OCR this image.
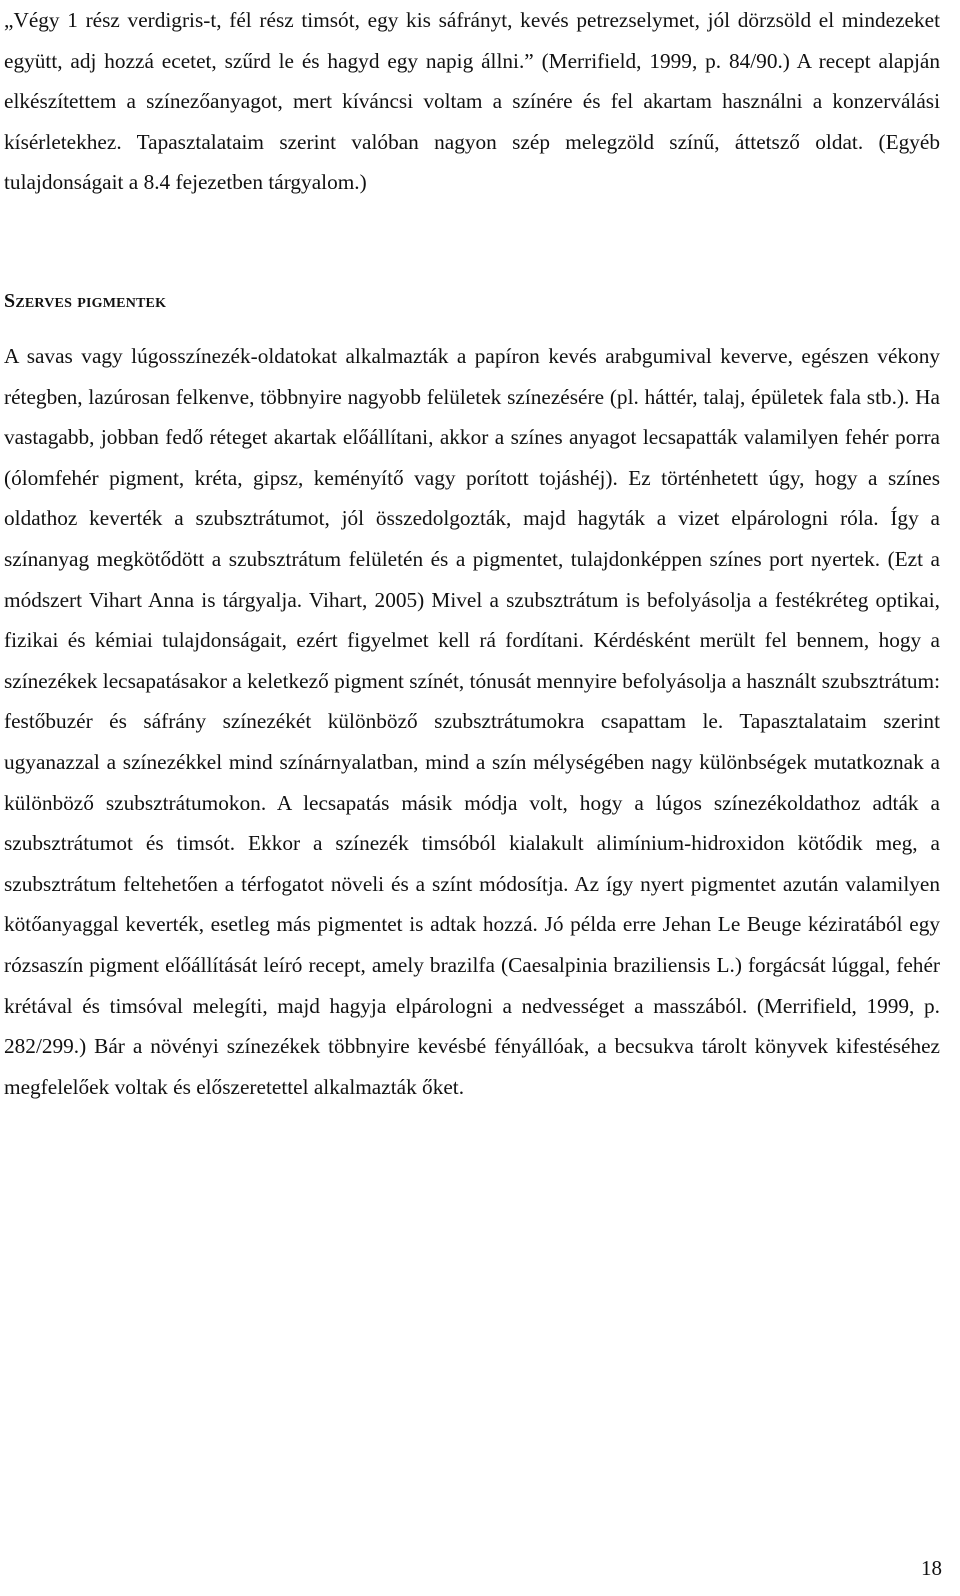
„Végy 1 rész verdigris-t, fél rész timsót, egy kis sáfrányt, kevés petrezselymet, jól dörzsöld el mindezeket együtt, adj hozzá ecetet, szűrd le és hagyd egy napig állni.” (Merrifield, 1999, p. 84/90.) A recept alapján elkészítettem a színezőanyagot, mert kíváncsi voltam a színére és fel akartam használni a konzerválási kísérletekhez. Tapasztalataim szerint valóban nagyon szép melegzöld színű, áttetsző oldat. (Egyéb tulajdonságait a 8.4 fejezetben tárgyalom.)

Szerves pigmentek

A savas vagy lúgosszínezék-oldatokat alkalmazták a papíron kevés arabgumival keverve, egészen vékony rétegben, lazúrosan felkenve, többnyire nagyobb felületek színezésére (pl. háttér, talaj, épületek fala stb.). Ha vastagabb, jobban fedő réteget akartak előállítani, akkor a színes anyagot lecsapatták valamilyen fehér porra (ólomfehér pigment, kréta, gipsz, keményítő vagy porított tojáshéj). Ez történhetett úgy, hogy a színes oldathoz keverték a szubsztrátumot, jól összedolgozták, majd hagyták a vizet elpárologni róla. Így a színanyag megkötődött a szubsztrátum felületén és a pigmentet, tulajdonképpen színes port nyertek. (Ezt a módszert Vihart Anna is tárgyalja. Vihart, 2005) Mivel a szubsztrátum is befolyásolja a festékréteg optikai, fizikai és kémiai tulajdonságait, ezért figyelmet kell rá fordítani. Kérdésként merült fel bennem, hogy a színezékek lecsapatásakor a keletkező pigment színét, tónusát mennyire befolyásolja a használt szubsztrátum: festőbuzér és sáfrány színezékét különböző szubsztrátumokra csapattam le. Tapasztalataim szerint ugyanazzal a színezékkel mind színárnyalatban, mind a szín mélységében nagy különbségek mutatkoznak a különböző szubsztrátumokon. A lecsapatás másik módja volt, hogy a lúgos színezékoldathoz adták a szubsztrátumot és timsót. Ekkor a színezék timsóból kialakult alimínium-hidroxidon kötődik meg, a szubsztrátum feltehetően a térfogatot növeli és a színt módosítja. Az így nyert pigmentet azután valamilyen kötőanyaggal keverték, esetleg más pigmentet is adtak hozzá. Jó példa erre Jehan Le Beuge kéziratából egy rózsaszín pigment előállítását leíró recept, amely brazilfa (Caesalpinia braziliensis L.) forgácsát lúggal, fehér krétával és timsóval melegíti, majd hagyja elpárologni a nedvességet a masszából. (Merrifield, 1999, p. 282/299.) Bár a növényi színezékek többnyire kevésbé fényállóak, a becsukva tárolt könyvek kifestéséhez megfelelőek voltak és előszeretettel alkalmazták őket.

18
